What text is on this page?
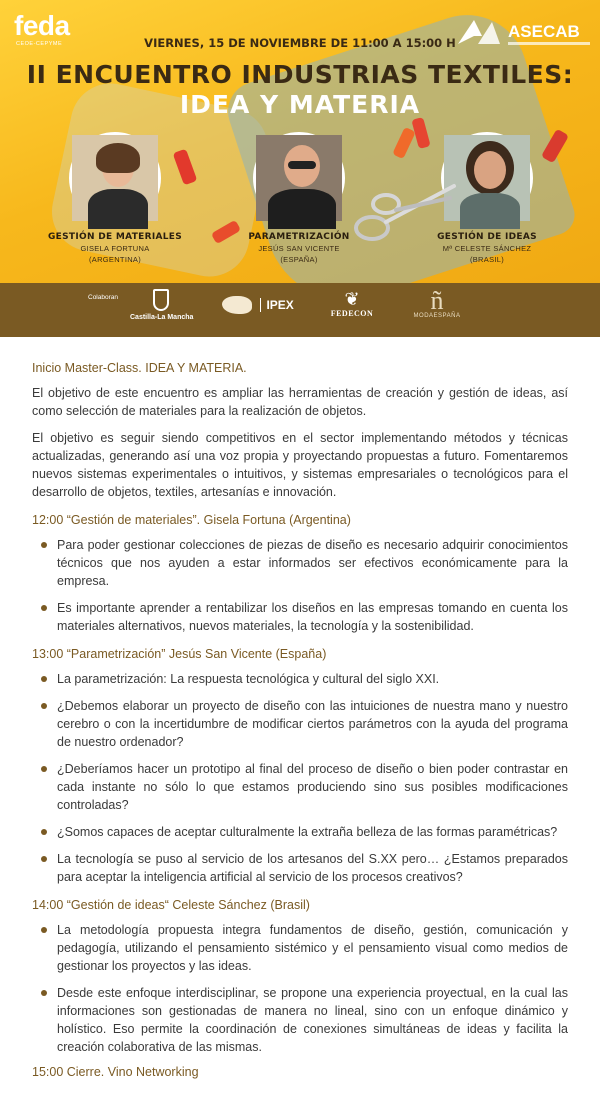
feda
CEOE-CEPYME
ASECAB
VIERNES, 15 DE NOVIEMBRE DE 11:00 A 15:00 H
II ENCUENTRO INDUSTRIAS TEXTILES:
IDEA Y MATERIA
GESTIÓN DE MATERIALES
GISELA FORTUNA
(ARGENTINA)
PARAMETRIZACIÓN
JESÚS SAN VICENTE
(ESPAÑA)
GESTIÓN DE IDEAS
Mª CELESTE SÁNCHEZ
(BRASIL)
Colaboran
Castilla-La Mancha
IPEX	❦
FEDECON	ñ
MODAESPAÑA
Inicio Master-Class. IDEA Y MATERIA.

El objetivo de este encuentro es ampliar las herramientas de creación y gestión de ideas, así como selección de materiales para la realización de objetos.

El objetivo es seguir siendo competitivos en el sector implementando métodos y técnicas actualizadas, generando así una voz propia y proyectando propuestas a futuro. Fomentaremos nuevos sistemas experimentales o intuitivos, y sistemas empresariales o tecnológicos para el desarrollo de objetos, textiles, artesanías e innovación.

12:00 “Gestión de materiales”. Gisela Fortuna (Argentina)
Para poder gestionar colecciones de piezas de diseño es necesario adquirir conocimientos técnicos que nos ayuden a estar informados ser efectivos económicamente para la empresa.
Es importante aprender a rentabilizar los diseños en las empresas tomando en cuenta los materiales alternativos, nuevos materiales, la tecnología y la sostenibilidad.
13:00 “Parametrización” Jesús San Vicente (España)
La parametrización: La respuesta tecnológica y cultural del siglo XXI.
¿Debemos elaborar un proyecto de diseño con las intuiciones de nuestra mano y nuestro cerebro o con la incertidumbre de modificar ciertos parámetros con la ayuda del programa de nuestro ordenador?
¿Deberíamos hacer un prototipo al final del proceso de diseño o bien poder contrastar en cada instante no sólo lo que estamos produciendo sino sus posibles modificaciones controladas?
¿Somos capaces de aceptar culturalmente la extraña belleza de las formas paramétricas?
La tecnología se puso al servicio de los artesanos del S.XX pero… ¿Estamos preparados para aceptar la inteligencia artificial al servicio de los procesos creativos?
14:00 “Gestión de ideas“ Celeste Sánchez (Brasil)
La metodología propuesta integra fundamentos de diseño, gestión, comunicación y pedagogía, utilizando el pensamiento sistémico y el pensamiento visual como medios de gestionar los proyectos y las ideas.
Desde este enfoque interdisciplinar, se propone una experiencia proyectual, en la cual las informaciones son gestionadas de manera no lineal, sino con un enfoque dinámico y holístico. Eso permite la coordinación de conexiones simultáneas de ideas y facilita la creación colaborativa de las mismas.
15:00 Cierre. Vino Networking
